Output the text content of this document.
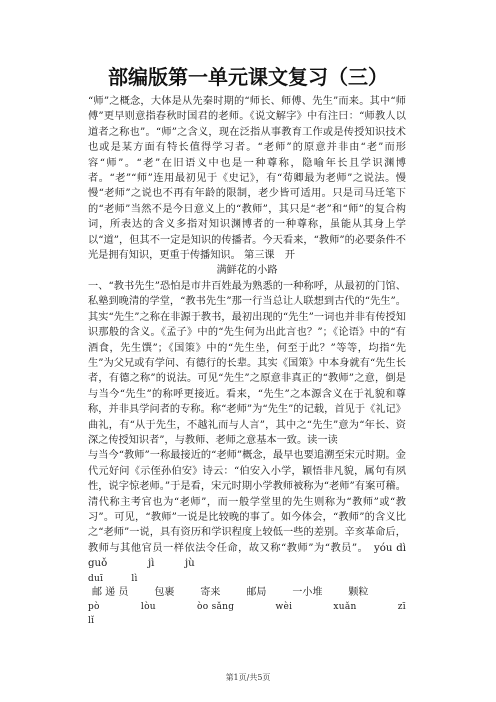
部编版第一单元课文复习（三）

“师”之概念，大体是从先秦时期的“师长、师傅、先生”而来。其中“师傅”更早则意指春秋时国君的老师。《说文解字》中有注曰：“师教人以道者之称也”。“师”之含义，现在泛指从事教育工作或是传授知识技术也或是某方面有特长值得学习者。“老师”的原意并非由“老”而形容“师”。“老”在旧语义中也是一种尊称，隐喻年长且学识渊博者。“老”“师”连用最初见于《史记》，有“荀卿最为老师”之说法。慢慢“老师”之说也不再有年龄的限制，老少皆可适用。只是司马迁笔下的“老师”当然不是今日意义上的“教师”，其只是“老”和“师”的复合构词，所表达的含义多指对知识渊博者的一种尊称，虽能从其身上学以“道”，但其不一定是知识的传播者。今天看来，“教师”的必要条件不光是拥有知识，更重于传播知识。 第三课　开

满鲜花的小路

一、“教书先生”恐怕是市井百姓最为熟悉的一种称呼，从最初的门馆、私塾到晚清的学堂，“教书先生”那一行当总让人联想到古代的“先生”。其实“先生”之称在非源于教书，最初出现的“先生”一词也并非有传授知识那般的含义。《孟子》中的“先生何为出此言也？”；《论语》中的“有酒食，先生馔”；《国策》中的“先生坐，何至于此？”等等，均指“先生”为父兄或有学问、有德行的长辈。其实《国策》中本身就有“先生长者，有德之称”的说法。可见“先生”之原意非真正的“教师”之意，倒是与当今“先生”的称呼更接近。看来，“先生”之本源含义在于礼貌和尊称，并非具学问者的专称。称“老师”为“先生”的记载，首见于《礼记》曲礼，有“从于先生，不越礼而与人言”，其中之“先生”意为“年长、资深之传授知识者”，与教师、老师之意基本一致。读一读

与当今“教师”一称最接近的“老师”概念，最早也要追溯至宋元时期。金代元好问《示侄孙伯安》诗云：“伯安入小学，颖悟非凡貌，属句有夙性，说字惊老师。”于是看，宋元时期小学教师被称为“老师”有案可稽。清代称主考官也为“老师”，而一般学堂里的先生则称为“教师”或“教习”。可见，“教师”一说是比较晚的事了。如今体会，“教师”的含义比之“老师”一说，具有资历和学识程度上较低一些的差别。辛亥革命后，教师与其他官员一样依法令任命，故又称“教师”为“教员”。　 yóu dì　　　guǒ　　　　	jì　　　	jù

duī	lì
邮 递 员	包裹	寄来	邮局	一小堆	颗粒
pò	lòu	òo sǎng	wèi	xuǎn	zī
lǐ
第1页/共5页
